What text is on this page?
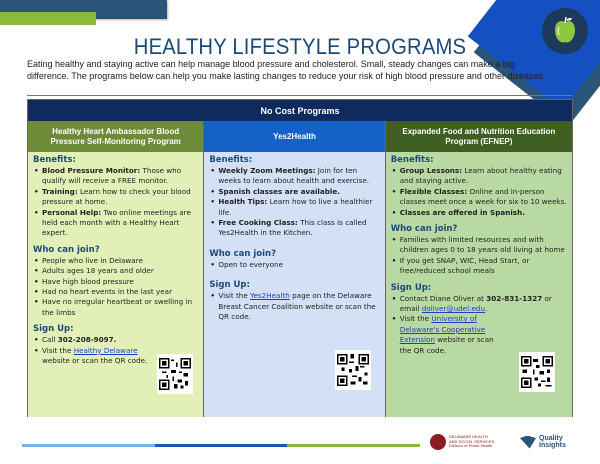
HEALTHY LIFESTYLE PROGRAMS
Eating healthy and staying active can help manage blood pressure and cholesterol. Small, steady changes can make a big difference. The programs below can help you make lasting changes to reduce your risk of high blood pressure and other diseases.
No Cost Programs
Healthy Heart Ambassador Blood Pressure Self-Monitoring Program
Benefits:
• Blood Pressure Monitor: Those who qualify will receive a FREE monitor.
• Training: Learn how to check your blood pressure at home.
• Personal Help: Two online meetings are held each month with a Healthy Heart expert.
Who can join?
• People who live in Delaware
• Adults ages 18 years and older
• Have high blood pressure
• Had no heart events in the last year
• Have no irregular heartbeat or swelling in the limbs
Sign Up:
• Call 302-208-9097.
• Visit the Healthy Delaware website or scan the QR code.
Yes2Health
Benefits:
• Weekly Zoom Meetings: Join for ten weeks to learn about health and exercise.
• Spanish classes are available.
• Health Tips: Learn how to live a healthier life.
• Free Cooking Class: This class is called Yes2Health in the Kitchen.
Who can join?
• Open to everyone
Sign Up:
• Visit the Yes2Health page on the Delaware Breast Cancer Coalition website or scan the QR code.
Expanded Food and Nutrition Education Program (EFNEP)
Benefits:
• Group Lessons: Learn about healthy eating and staying active.
• Flexible Classes: Online and in-person classes meet once a week for six to 10 weeks.
• Classes are offered in Spanish.
Who can join?
• Families with limited resources and with children ages 0 to 18 years old living at home
• If you get SNAP, WIC, Head Start, or free/reduced school meals
Sign Up:
• Contact Diane Oliver at 302-831-1327 or email doliver@udel.edu.
• Visit the University of Delaware's Cooperative Extension website or scan the QR code.
DELAWARE HEALTH
AND SOCIAL SERVICES
Division of Public Health
Quality
Insights
